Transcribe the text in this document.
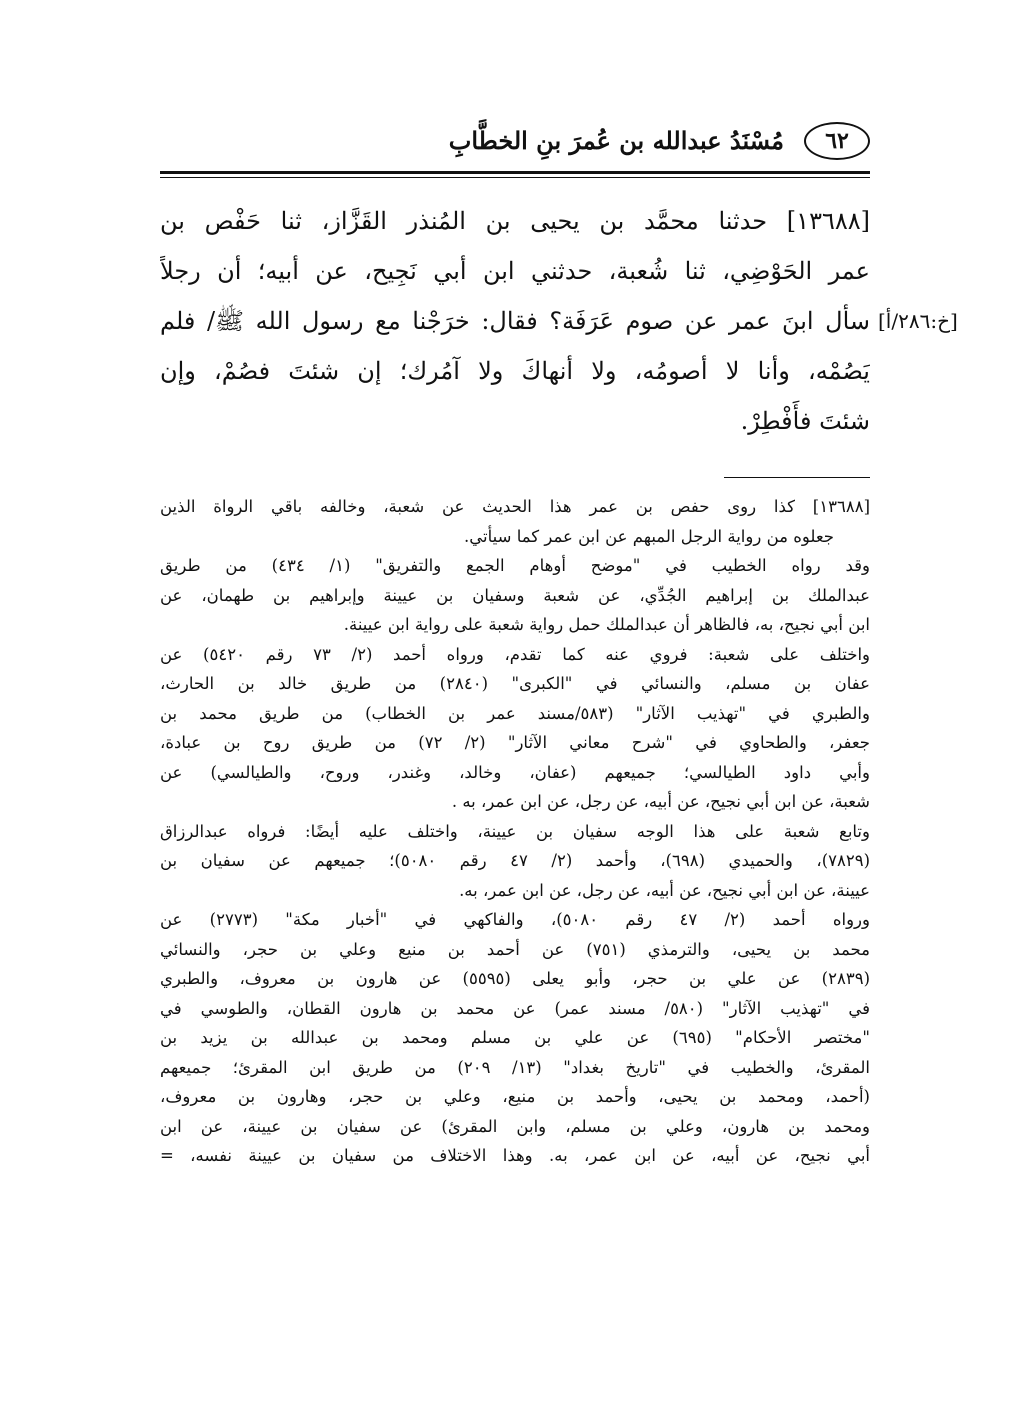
٦٢
مُسْنَدُ عبدالله بن عُمرَ بنِ الخطَّابِ
[١٣٦٨٨] حدثنا محمَّد بن يحيى بن المُنذر القَزَّاز، ثنا حَفْص بن
عمر الحَوْضِي، ثنا شُعبة، حدثني ابن أبي نَجِيح، عن أبيه؛ أن رجلاً
سأل ابنَ عمر عن صوم عَرَفَة؟ فقال: خرَجْنا مع رسول الله ﷺ/ فلم
يَصُمْه، وأنا لا أصومُه، ولا أنهاكَ ولا آمُرك؛ إن شئتَ فصُمْ، وإن
شئتَ فأَفْطِرْ.
[خ:٢٨٦/أ]
[١٣٦٨٨] كذا روى حفص بن عمر هذا الحديث عن شعبة، وخالفه باقي الرواة الذين
جعلوه من رواية الرجل المبهم عن ابن عمر كما سيأتي.
وقد رواه الخطيب في "موضح أوهام الجمع والتفريق" (١/ ٤٣٤) من طريق
عبدالملك بن إبراهيم الجُدِّي، عن شعبة وسفيان بن عيينة وإبراهيم بن طهمان، عن
ابن أبي نجيح، به، فالظاهر أن عبدالملك حمل رواية شعبة على رواية ابن عيينة.
واختلف على شعبة: فروي عنه كما تقدم، ورواه أحمد (٢/ ٧٣ رقم ٥٤٢٠) عن
عفان بن مسلم، والنسائي في "الكبرى" (٢٨٤٠) من طريق خالد بن الحارث،
والطبري في "تهذيب الآثار" (٥٨٣/مسند عمر بن الخطاب) من طريق محمد بن
جعفر، والطحاوي في "شرح معاني الآثار" (٢/ ٧٢) من طريق روح بن عبادة،
وأبي داود الطيالسي؛ جميعهم (عفان، وخالد، وغندر، وروح، والطيالسي) عن
شعبة، عن ابن أبي نجيح، عن أبيه، عن رجل، عن ابن عمر، به .
وتابع شعبة على هذا الوجه سفيان بن عيينة، واختلف عليه أيضًا: فرواه عبدالرزاق
(٧٨٢٩)، والحميدي (٦٩٨)، وأحمد (٢/ ٤٧ رقم ٥٠٨٠)؛ جميعهم عن سفيان بن
عيينة، عن ابن أبي نجيح، عن أبيه، عن رجل، عن ابن عمر، به.
ورواه أحمد (٢/ ٤٧ رقم ٥٠٨٠)، والفاكهي في "أخبار مكة" (٢٧٧٣) عن
محمد بن يحيى، والترمذي (٧٥١) عن أحمد بن منيع وعلي بن حجر، والنسائي
(٢٨٣٩) عن علي بن حجر، وأبو يعلى (٥٥٩٥) عن هارون بن معروف، والطبري
في "تهذيب الآثار" (٥٨٠/ مسند عمر) عن محمد بن هارون القطان، والطوسي في
"مختصر الأحكام" (٦٩٥) عن علي بن مسلم ومحمد بن عبدالله بن يزيد بن
المقرئ، والخطيب في "تاريخ بغداد" (١٣/ ٢٠٩) من طريق ابن المقرئ؛ جميعهم
(أحمد، ومحمد بن يحيى، وأحمد بن منيع، وعلي بن حجر، وهارون بن معروف،
ومحمد بن هارون، وعلي بن مسلم، وابن المقرئ) عن سفيان بن عيينة، عن ابن
أبي نجيح، عن أبيه، عن ابن عمر، به. وهذا الاختلاف من سفيان بن عيينة نفسه، =
